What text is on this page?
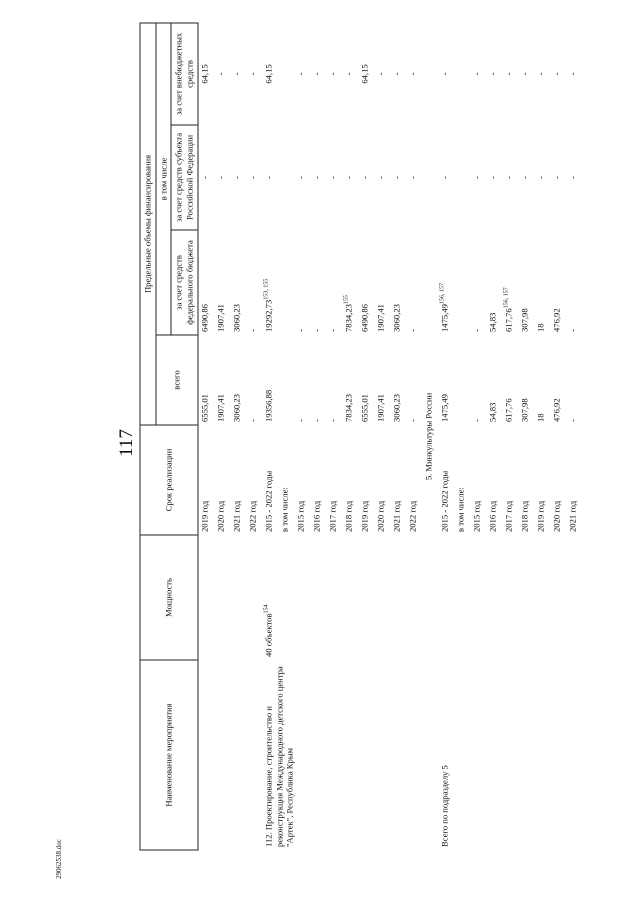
117
Наименование мероприятия	Мощность	Срок реализации	Предельные объемы финансирования			
			всего	в том числе		
				за счет средств федерального бюджета	за счет средств субъекта Российской Федерации	за счет внебюджетных средств
		2019 год	6555,01	6490,86	-	64,15
		2020 год	1907,41	1907,41	-	-
		2021 год	3060,23	3060,23	-	-
		2022 год	-	-	-	-
112. Проектирование, строительство и реконструкция Международного детского центра "Артек", Республика Крым	40 объектов$^{154}$	2015 - 2022 годы	19356,88	19292,73$^{153, 155}$	-	64,15
		в том числе:				
		2015 год	-	-	-	-
		2016 год	-	-	-	-
		2017 год	-	-	-	-
		2018 год	7834,23	7834,23$^{155}$	-	-
		2019 год	6555,01	6490,86	-	64,15
		2020 год	1907,41	1907,41	-	-
		2021 год	3060,23	3060,23	-	-
		2022 год	-	-	-	-
5. Минкультуры России						
Всего по подразделу 5		2015 - 2022 годы	1475,49	1475,49$^{156, 157}$	-	-
		в том числе:				
		2015 год	-	-	-	-
		2016 год	54,83	54,83	-	-
		2017 год	617,76	617,76$^{156, 157}$	-	-
		2018 год	307,98	307,98	-	-
		2019 год	18	18	-	-
		2020 год	476,92	476,92	-	-
		2021 год	-	-	-	-
29062538.doc
